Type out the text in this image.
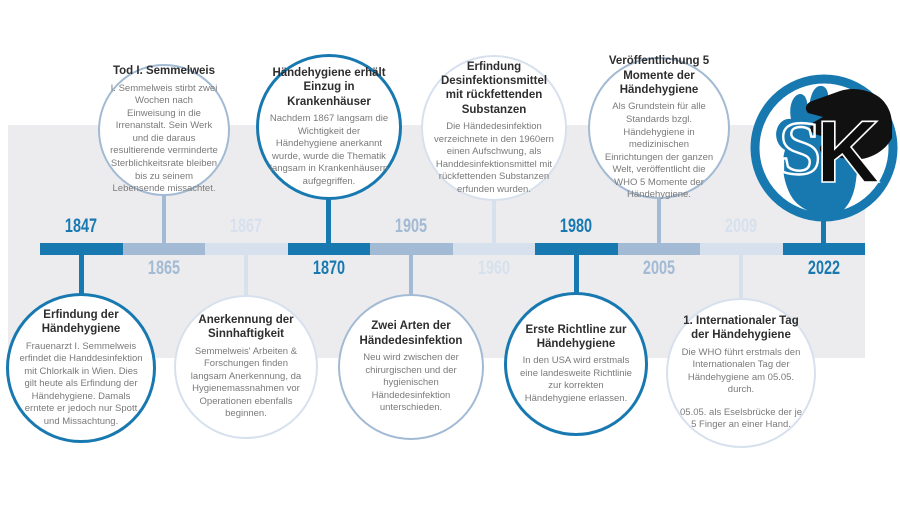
1847
1865
1867
1870
1905
1960
1980
2005
2009
2022
Tod I. Semmelweis
I. Semmelweis stirbt zwei Wochen nach Einweisung in die Irrenanstalt. Sein Werk und die daraus resultierende verminderte Sterblichkeitsrate bleiben bis zu seinem Lebensende missachtet.
Händehygiene erhält Einzug in Krankenhäuser
Nachdem 1867 langsam die Wichtigkeit der Händehygiene anerkannt wurde, wurde die Thematik langsam in Krankenhäusern aufgegriffen.
Erfindung Desinfektionsmittel mit rückfettenden Substanzen
Die Händedesinfektion verzeichnete in den 1960ern einen Aufschwung, als Handdesinfektionsmittel mit rückfettenden Substanzen erfunden wurden.
Veröffentlichung 5 Momente der Händehygiene
Als Grundstein für alle Standards bzgl. Händehygiene in medizinischen Einrichtungen der ganzen Welt, veröffentlicht die WHO 5 Momente der Händehygiene.
Erfindung der Händehygiene
Frauenarzt I. Semmelweis erfindet die Handdesinfektion mit Chlorkalk in Wien. Dies gilt heute als Erfindung der Händehygiene. Damals erntete er jedoch nur Spott und Missachtung.
Anerkennung der Sinnhaftigkeit
Semmelweis' Arbeiten & Forschungen finden langsam Anerkennung, da Hygienemassnahmen vor Operationen ebenfalls beginnen.
Zwei Arten der Händedesinfektion
Neu wird zwischen der chirurgischen und der hygienischen Händedesinfektion unterschieden.
Erste Richtline zur Händehygiene
In den USA wird erstmals eine landesweite Richtlinie zur korrekten Händehygiene erlassen.
1. Internationaler Tag der Händehygiene
Die WHO führt erstmals den Internationalen Tag der Händehygiene am 05.05. durch.
05.05. als Eselsbrücke der je 5 Finger an einer Hand.
S
K
